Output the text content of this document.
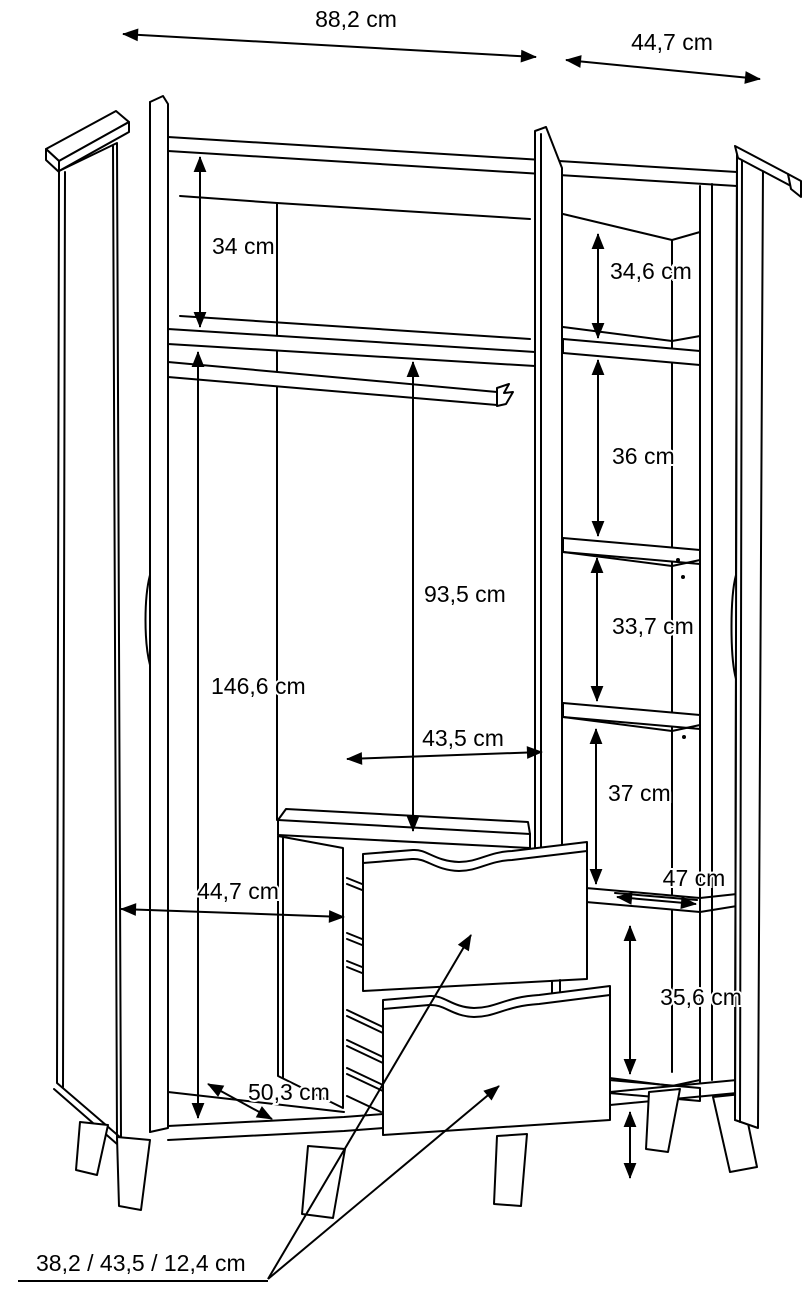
88,2 cm
44,7 cm
34 cm
34,6 cm
36 cm
33,7 cm
146,6 cm
93,5 cm
43,5 cm
37 cm
44,7 cm	47 cm
35,6 cm
50,3 cm
38,2 / 43,5 / 12,4 cm
